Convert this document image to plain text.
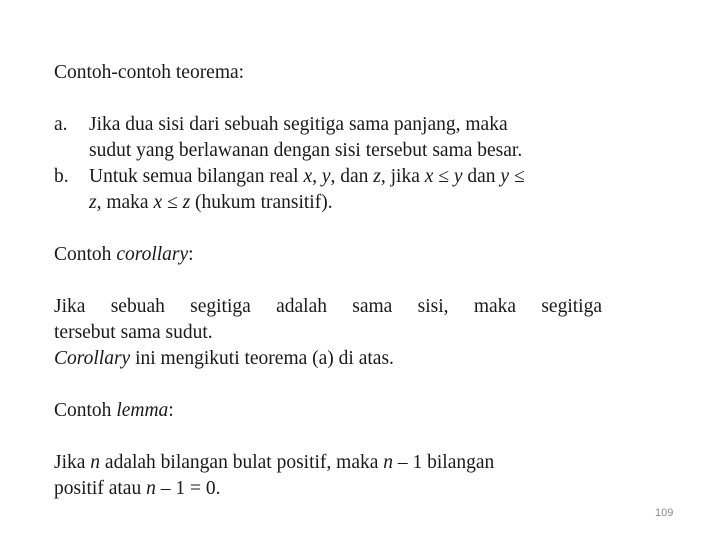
Contoh-contoh teorema:

a.	Jika dua sisi dari sebuah segitiga sama panjang, maka
sudut yang berlawanan dengan sisi tersebut sama besar.
b.	Untuk semua bilangan real x, y, dan z, jika x ≤ y dan y ≤
z, maka x ≤ z (hukum transitif).

Contoh corollary:

Jika sebuah segitiga adalah sama sisi, maka segitiga

tersebut sama sudut.

Corollary ini mengikuti teorema (a) di atas.

Contoh lemma:

Jika n adalah bilangan bulat positif, maka n – 1 bilangan

positif atau n – 1 = 0.

109
